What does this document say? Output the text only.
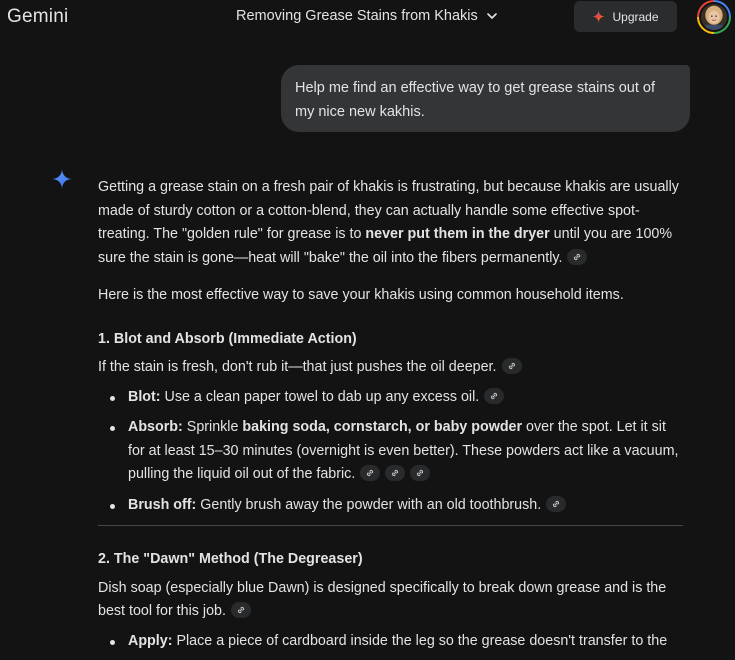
Gemini	Removing Grease Stains from Khakis	Upgrade
Help me find an effective way to get grease stains out of my nice new kakhis.

Getting a grease stain on a fresh pair of khakis is frustrating, but because khakis are usually made of sturdy cotton or a cotton-blend, they can actually handle some effective spot-treating. The "golden rule" for grease is to never put them in the dryer until you are 100% sure the stain is gone—heat will "bake" the oil into the fibers permanently.

Here is the most effective way to save your khakis using common household items.

1. Blot and Absorb (Immediate Action)

If the stain is fresh, don't rub it—that just pushes the oil deeper.

Blot: Use a clean paper towel to dab up any excess oil.
Absorb: Sprinkle baking soda, cornstarch, or baby powder over the spot. Let it sit for at least 15–30 minutes (overnight is even better). These powders act like a vacuum, pulling the liquid oil out of the fabric.
Brush off: Gently brush away the powder with an old toothbrush.
2. The "Dawn" Method (The Degreaser)

Dish soap (especially blue Dawn) is designed specifically to break down grease and is the best tool for this job.

Apply: Place a piece of cardboard inside the leg so the grease doesn't transfer to the
